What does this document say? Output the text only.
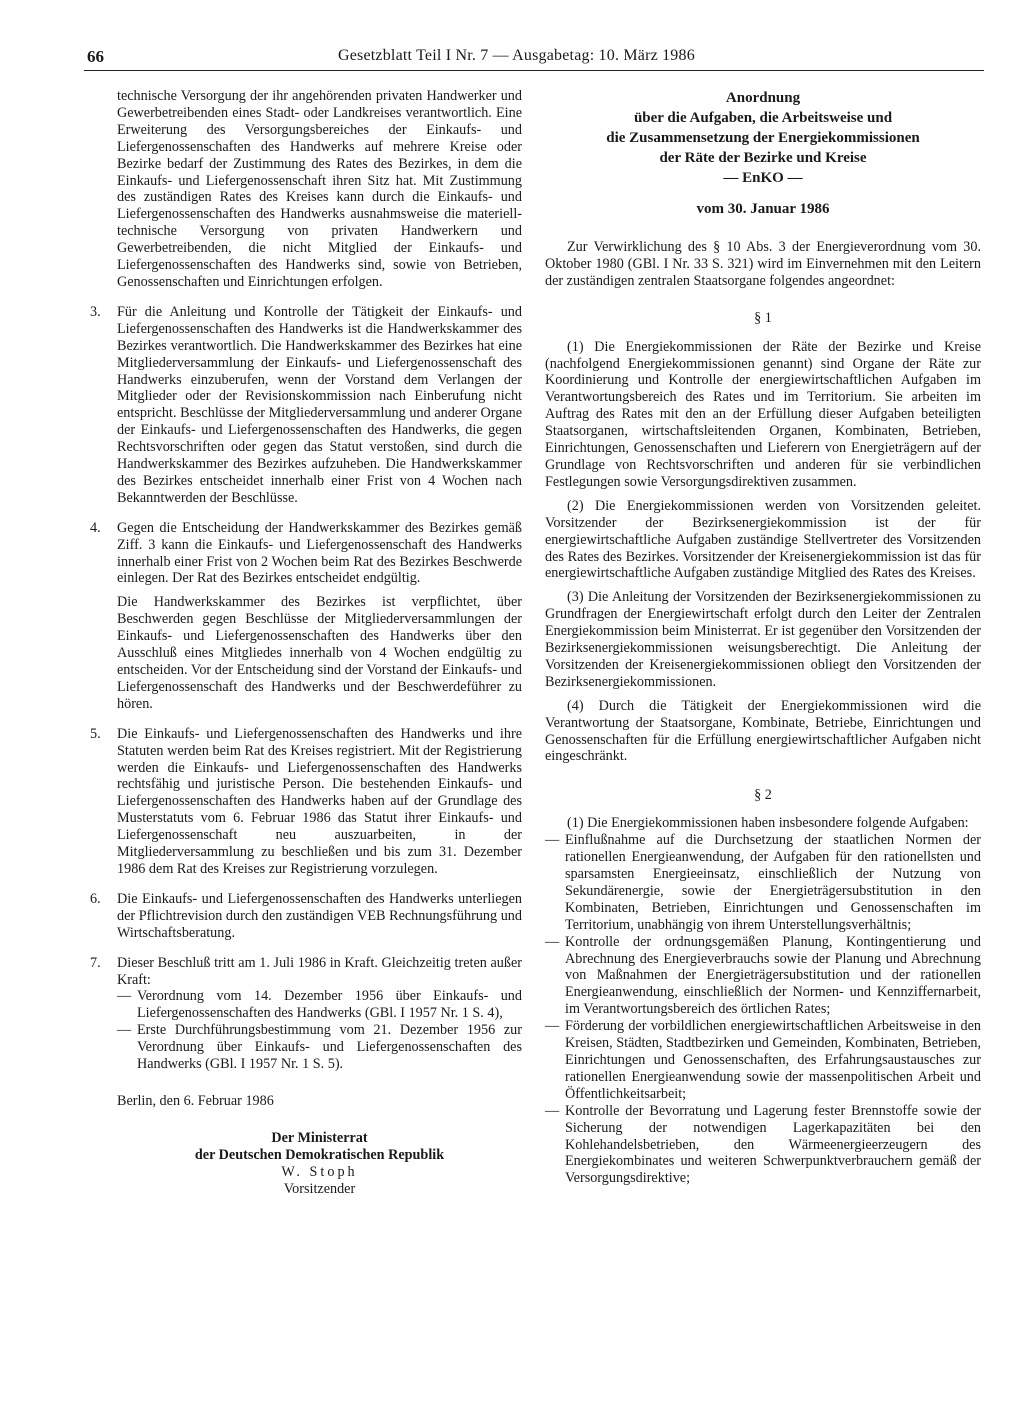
66	Gesetzblatt Teil I Nr. 7 — Ausgabetag: 10. März 1986

technische Versorgung der ihr angehörenden privaten Handwerker und Gewerbetreibenden eines Stadt- oder Landkreises verantwortlich. Eine Erweiterung des Versorgungsbereiches der Einkaufs- und Liefergenossenschaften des Handwerks auf mehrere Kreise oder Bezirke bedarf der Zustimmung des Rates des Bezirkes, in dem die Einkaufs- und Liefergenossenschaft ihren Sitz hat. Mit Zustimmung des zuständigen Rates des Kreises kann durch die Einkaufs- und Liefergenossenschaften des Handwerks ausnahmsweise die materiell-technische Versorgung von privaten Handwerkern und Gewerbetreibenden, die nicht Mitglied der Einkaufs- und Liefergenossenschaften des Handwerks sind, sowie von Betrieben, Genossenschaften und Einrichtungen erfolgen.

3. Für die Anleitung und Kontrolle der Tätigkeit der Einkaufs- und Liefergenossenschaften des Handwerks ist die Handwerkskammer des Bezirkes verantwortlich. Die Handwerkskammer des Bezirkes hat eine Mitgliederversammlung der Einkaufs- und Liefergenossenschaft des Handwerks einzuberufen, wenn der Vorstand dem Verlangen der Mitglieder oder der Revisionskommission nach Einberufung nicht entspricht. Beschlüsse der Mitgliederversammlung und anderer Organe der Einkaufs- und Liefergenossenschaften des Handwerks, die gegen Rechtsvorschriften oder gegen das Statut verstoßen, sind durch die Handwerkskammer des Bezirkes aufzuheben. Die Handwerkskammer des Bezirkes entscheidet innerhalb einer Frist von 4 Wochen nach Bekanntwerden der Beschlüsse.

4. Gegen die Entscheidung der Handwerkskammer des Bezirkes gemäß Ziff. 3 kann die Einkaufs- und Liefergenossenschaft des Handwerks innerhalb einer Frist von 2 Wochen beim Rat des Bezirkes Beschwerde einlegen. Der Rat des Bezirkes entscheidet endgültig.

Die Handwerkskammer des Bezirkes ist verpflichtet, über Beschwerden gegen Beschlüsse der Mitgliederversammlungen der Einkaufs- und Liefergenossenschaften des Handwerks über den Ausschluß eines Mitgliedes innerhalb von 4 Wochen endgültig zu entscheiden. Vor der Entscheidung sind der Vorstand der Einkaufs- und Liefergenossenschaft des Handwerks und der Beschwerdeführer zu hören.

5. Die Einkaufs- und Liefergenossenschaften des Handwerks und ihre Statuten werden beim Rat des Kreises registriert. Mit der Registrierung werden die Einkaufs- und Liefergenossenschaften des Handwerks rechtsfähig und juristische Person. Die bestehenden Einkaufs- und Liefergenossenschaften des Handwerks haben auf der Grundlage des Musterstatuts vom 6. Februar 1986 das Statut ihrer Einkaufs- und Liefergenossenschaft neu auszuarbeiten, in der Mitgliederversammlung zu beschließen und bis zum 31. Dezember 1986 dem Rat des Kreises zur Registrierung vorzulegen.

6. Die Einkaufs- und Liefergenossenschaften des Handwerks unterliegen der Pflichtrevision durch den zuständigen VEB Rechnungsführung und Wirtschaftsberatung.

7. Dieser Beschluß tritt am 1. Juli 1986 in Kraft. Gleichzeitig treten außer Kraft:

— Verordnung vom 14. Dezember 1956 über Einkaufs- und Liefergenossenschaften des Handwerks (GBl. I 1957 Nr. 1 S. 4),

— Erste Durchführungsbestimmung vom 21. Dezember 1956 zur Verordnung über Einkaufs- und Liefergenossenschaften des Handwerks (GBl. I 1957 Nr. 1 S. 5).

Berlin, den 6. Februar 1986

Der Ministerrat

der Deutschen Demokratischen Republik

W. Stoph

Vorsitzender

Anordnung

über die Aufgaben, die Arbeitsweise und

die Zusammensetzung der Energiekommissionen

der Räte der Bezirke und Kreise

— EnKO —

vom 30. Januar 1986

Zur Verwirklichung des § 10 Abs. 3 der Energieverordnung vom 30. Oktober 1980 (GBl. I Nr. 33 S. 321) wird im Einvernehmen mit den Leitern der zuständigen zentralen Staatsorgane folgendes angeordnet:

§ 1

(1) Die Energiekommissionen der Räte der Bezirke und Kreise (nachfolgend Energiekommissionen genannt) sind Organe der Räte zur Koordinierung und Kontrolle der energiewirtschaftlichen Aufgaben im Verantwortungsbereich des Rates und im Territorium. Sie arbeiten im Auftrag des Rates mit den an der Erfüllung dieser Aufgaben beteiligten Staatsorganen, wirtschaftsleitenden Organen, Kombinaten, Betrieben, Einrichtungen, Genossenschaften und Lieferern von Energieträgern auf der Grundlage von Rechtsvorschriften und anderen für sie verbindlichen Festlegungen sowie Versorgungsdirektiven zusammen.

(2) Die Energiekommissionen werden von Vorsitzenden geleitet. Vorsitzender der Bezirksenergiekommission ist der für energiewirtschaftliche Aufgaben zuständige Stellvertreter des Vorsitzenden des Rates des Bezirkes. Vorsitzender der Kreisenergiekommission ist das für energiewirtschaftliche Aufgaben zuständige Mitglied des Rates des Kreises.

(3) Die Anleitung der Vorsitzenden der Bezirksenergiekommissionen zu Grundfragen der Energiewirtschaft erfolgt durch den Leiter der Zentralen Energiekommission beim Ministerrat. Er ist gegenüber den Vorsitzenden der Bezirksenergiekommissionen weisungsberechtigt. Die Anleitung der Vorsitzenden der Kreisenergiekommissionen obliegt den Vorsitzenden der Bezirksenergiekommissionen.

(4) Durch die Tätigkeit der Energiekommissionen wird die Verantwortung der Staatsorgane, Kombinate, Betriebe, Einrichtungen und Genossenschaften für die Erfüllung energiewirtschaftlicher Aufgaben nicht eingeschränkt.

§ 2

(1) Die Energiekommissionen haben insbesondere folgende Aufgaben:

— Einflußnahme auf die Durchsetzung der staatlichen Normen der rationellen Energieanwendung, der Aufgaben für den rationellsten und sparsamsten Energieeinsatz, einschließlich der Nutzung von Sekundärenergie, sowie der Energieträgersubstitution in den Kombinaten, Betrieben, Einrichtungen und Genossenschaften im Territorium, unabhängig von ihrem Unterstellungsverhältnis;

— Kontrolle der ordnungsgemäßen Planung, Kontingentierung und Abrechnung des Energieverbrauchs sowie der Planung und Abrechnung von Maßnahmen der Energieträgersubstitution und der rationellen Energieanwendung, einschließlich der Normen- und Kennziffernarbeit, im Verantwortungsbereich des örtlichen Rates;

— Förderung der vorbildlichen energiewirtschaftlichen Arbeitsweise in den Kreisen, Städten, Stadtbezirken und Gemeinden, Kombinaten, Betrieben, Einrichtungen und Genossenschaften, des Erfahrungsaustausches zur rationellen Energieanwendung sowie der massenpolitischen Arbeit und Öffentlichkeitsarbeit;

— Kontrolle der Bevorratung und Lagerung fester Brennstoffe sowie der Sicherung der notwendigen Lagerkapazitäten bei den Kohlehandelsbetrieben, den Wärmeenergieerzeugern des Energiekombinates und weiteren Schwerpunktverbrauchern gemäß der Versorgungsdirektive;
